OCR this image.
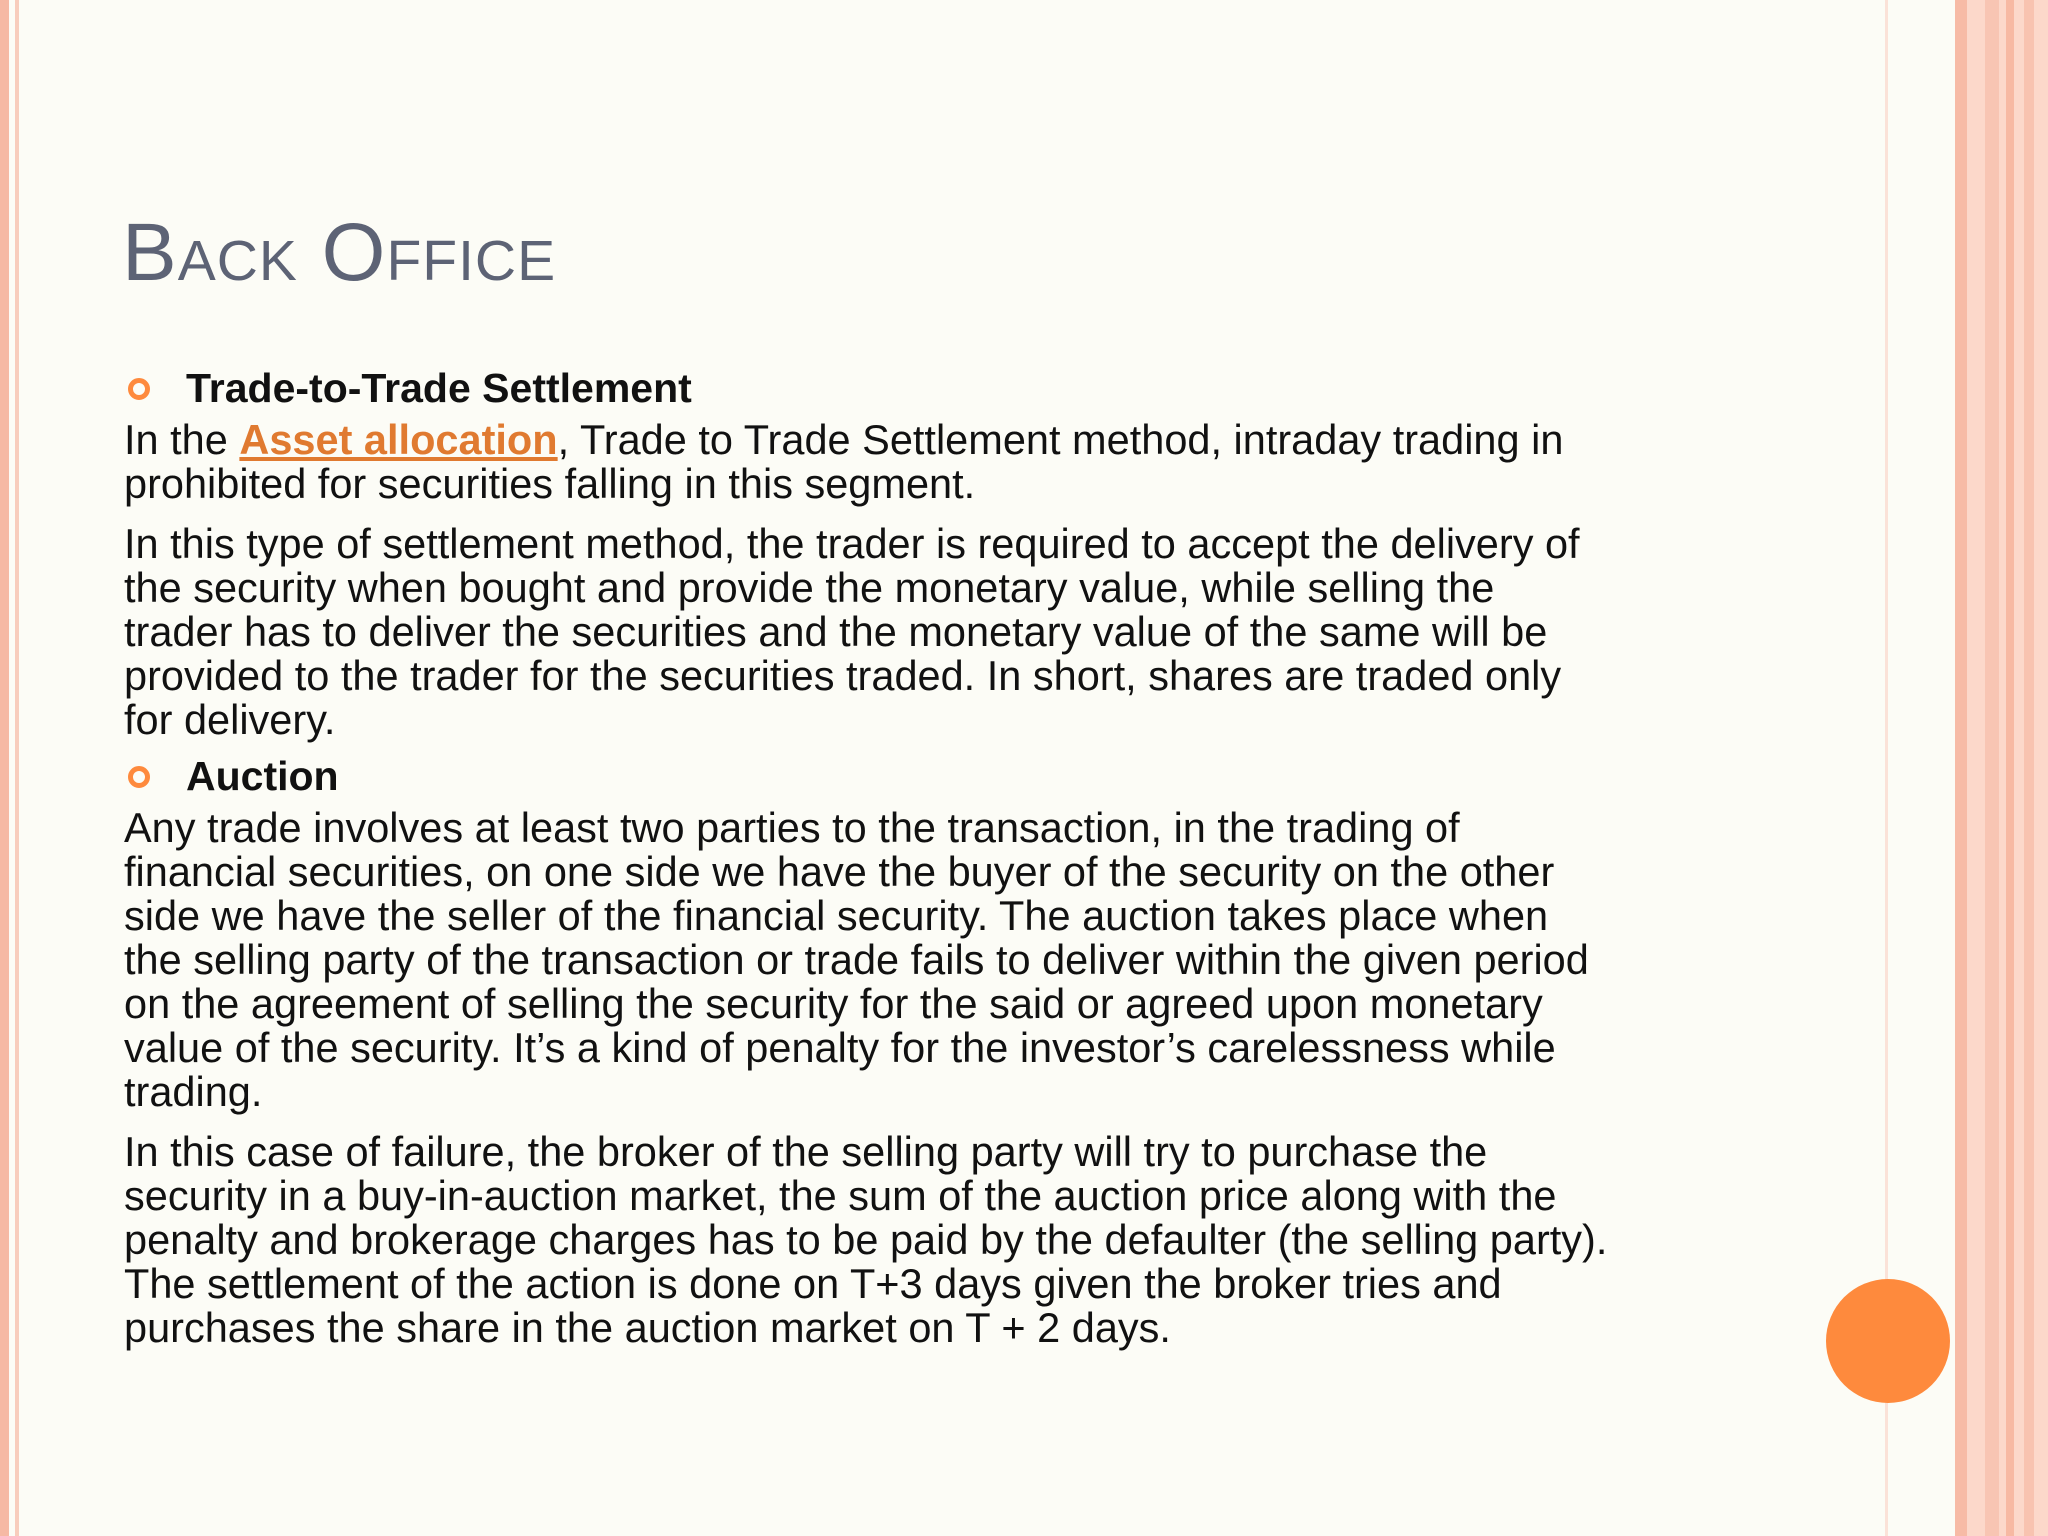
Back Office
Trade-to-Trade Settlement

In the Asset allocation, Trade to Trade Settlement method, intraday trading in
prohibited for securities falling in this segment.

In this type of settlement method, the trader is required to accept the delivery of
the security when bought and provide the monetary value, while selling the
trader has to deliver the securities and the monetary value of the same will be
provided to the trader for the securities traded. In short, shares are traded only
for delivery.

Auction

Any trade involves at least two parties to the transaction, in the trading of
financial securities, on one side we have the buyer of the security on the other
side we have the seller of the financial security. The auction takes place when
the selling party of the transaction or trade fails to deliver within the given period
on the agreement of selling the security for the said or agreed upon monetary
value of the security. It’s a kind of penalty for the investor’s carelessness while
trading.

In this case of failure, the broker of the selling party will try to purchase the
security in a buy-in-auction market, the sum of the auction price along with the
penalty and brokerage charges has to be paid by the defaulter (the selling party).
The settlement of the action is done on T+3 days given the broker tries and
purchases the share in the auction market on T + 2 days.
